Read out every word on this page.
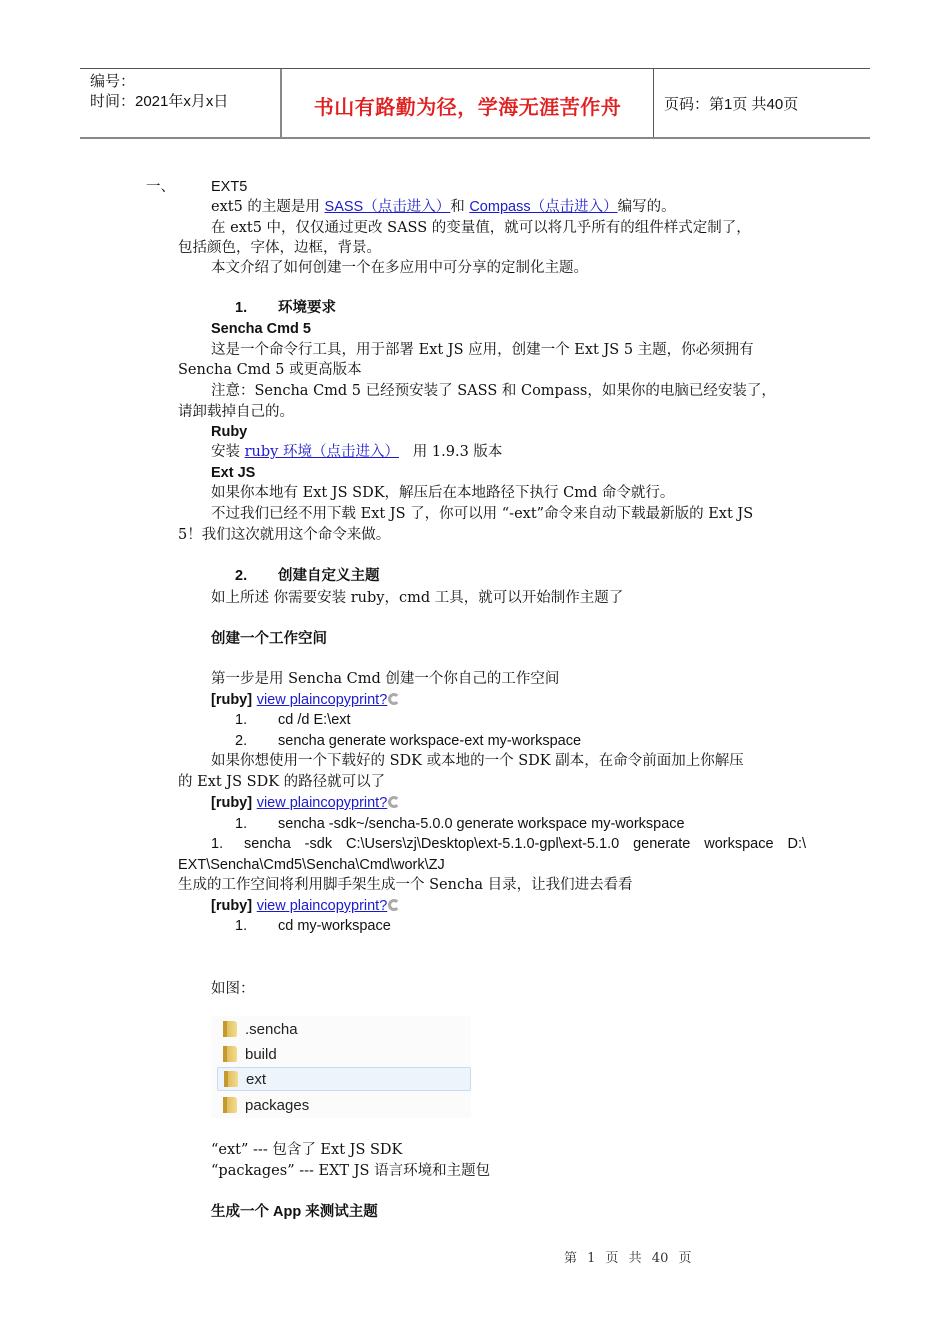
编号：
时间：2021年x月x日	书山有路勤为径，学海无涯苦作舟	页码：第1页 共40页
一、 EXT5
ext5 的主题是用 SASS（点击进入）和 Compass（点击进入）编写的。
在 ext5 中，仅仅通过更改 SASS 的变量值，就可以将几乎所有的组件样式定制了，
包括颜色，字体，边框，背景。
本文介绍了如何创建一个在多应用中可分享的定制化主题。
1. 环境要求
Sencha Cmd 5
这是一个命令行工具，用于部署 Ext JS 应用，创建一个 Ext JS 5 主题，你必须拥有
Sencha Cmd 5 或更高版本
注意：Sencha Cmd 5 已经预安装了 SASS 和 Compass，如果你的电脑已经安装了，
请卸载掉自己的。
Ruby
安装 ruby 环境（点击进入）   用 1.9.3 版本
Ext JS
如果你本地有 Ext JS SDK，解压后在本地路径下执行 Cmd 命令就行。
不过我们已经不用下载 Ext JS 了，你可以用 “-ext”命令来自动下载最新版的 Ext JS
5！我们这次就用这个命令来做。
2. 创建自定义主题
如上所述 你需要安装 ruby，cmd 工具，就可以开始制作主题了
创建一个工作空间
第一步是用 Sencha Cmd 创建一个你自己的工作空间
[ruby] view plaincopyprint?
1. cd /d E:\ext
2. sencha generate workspace-ext my-workspace
如果你想使用一个下载好的 SDK 或本地的一个 SDK 副本，在命令前面加上你解压
的 Ext JS SDK 的路径就可以了
[ruby] view plaincopyprint?
1. sencha -sdk~/sencha-5.0.0 generate workspace my-workspace
1. sencha -sdk C:\Users\zj\Desktop\ext-5.1.0-gpl\ext-5.1.0 generate workspace D:\
EXT\Sencha\Cmd5\Sencha\Cmd\work\ZJ
生成的工作空间将利用脚手架生成一个 Sencha 目录，让我们进去看看
[ruby] view plaincopyprint?
1. cd my-workspace
如图：
.sencha
build
ext
packages
“ext” --- 包含了 Ext JS SDK
“packages” --- EXT JS 语言环境和主题包
生成一个 App 来测试主题
第 1 页 共 40 页
